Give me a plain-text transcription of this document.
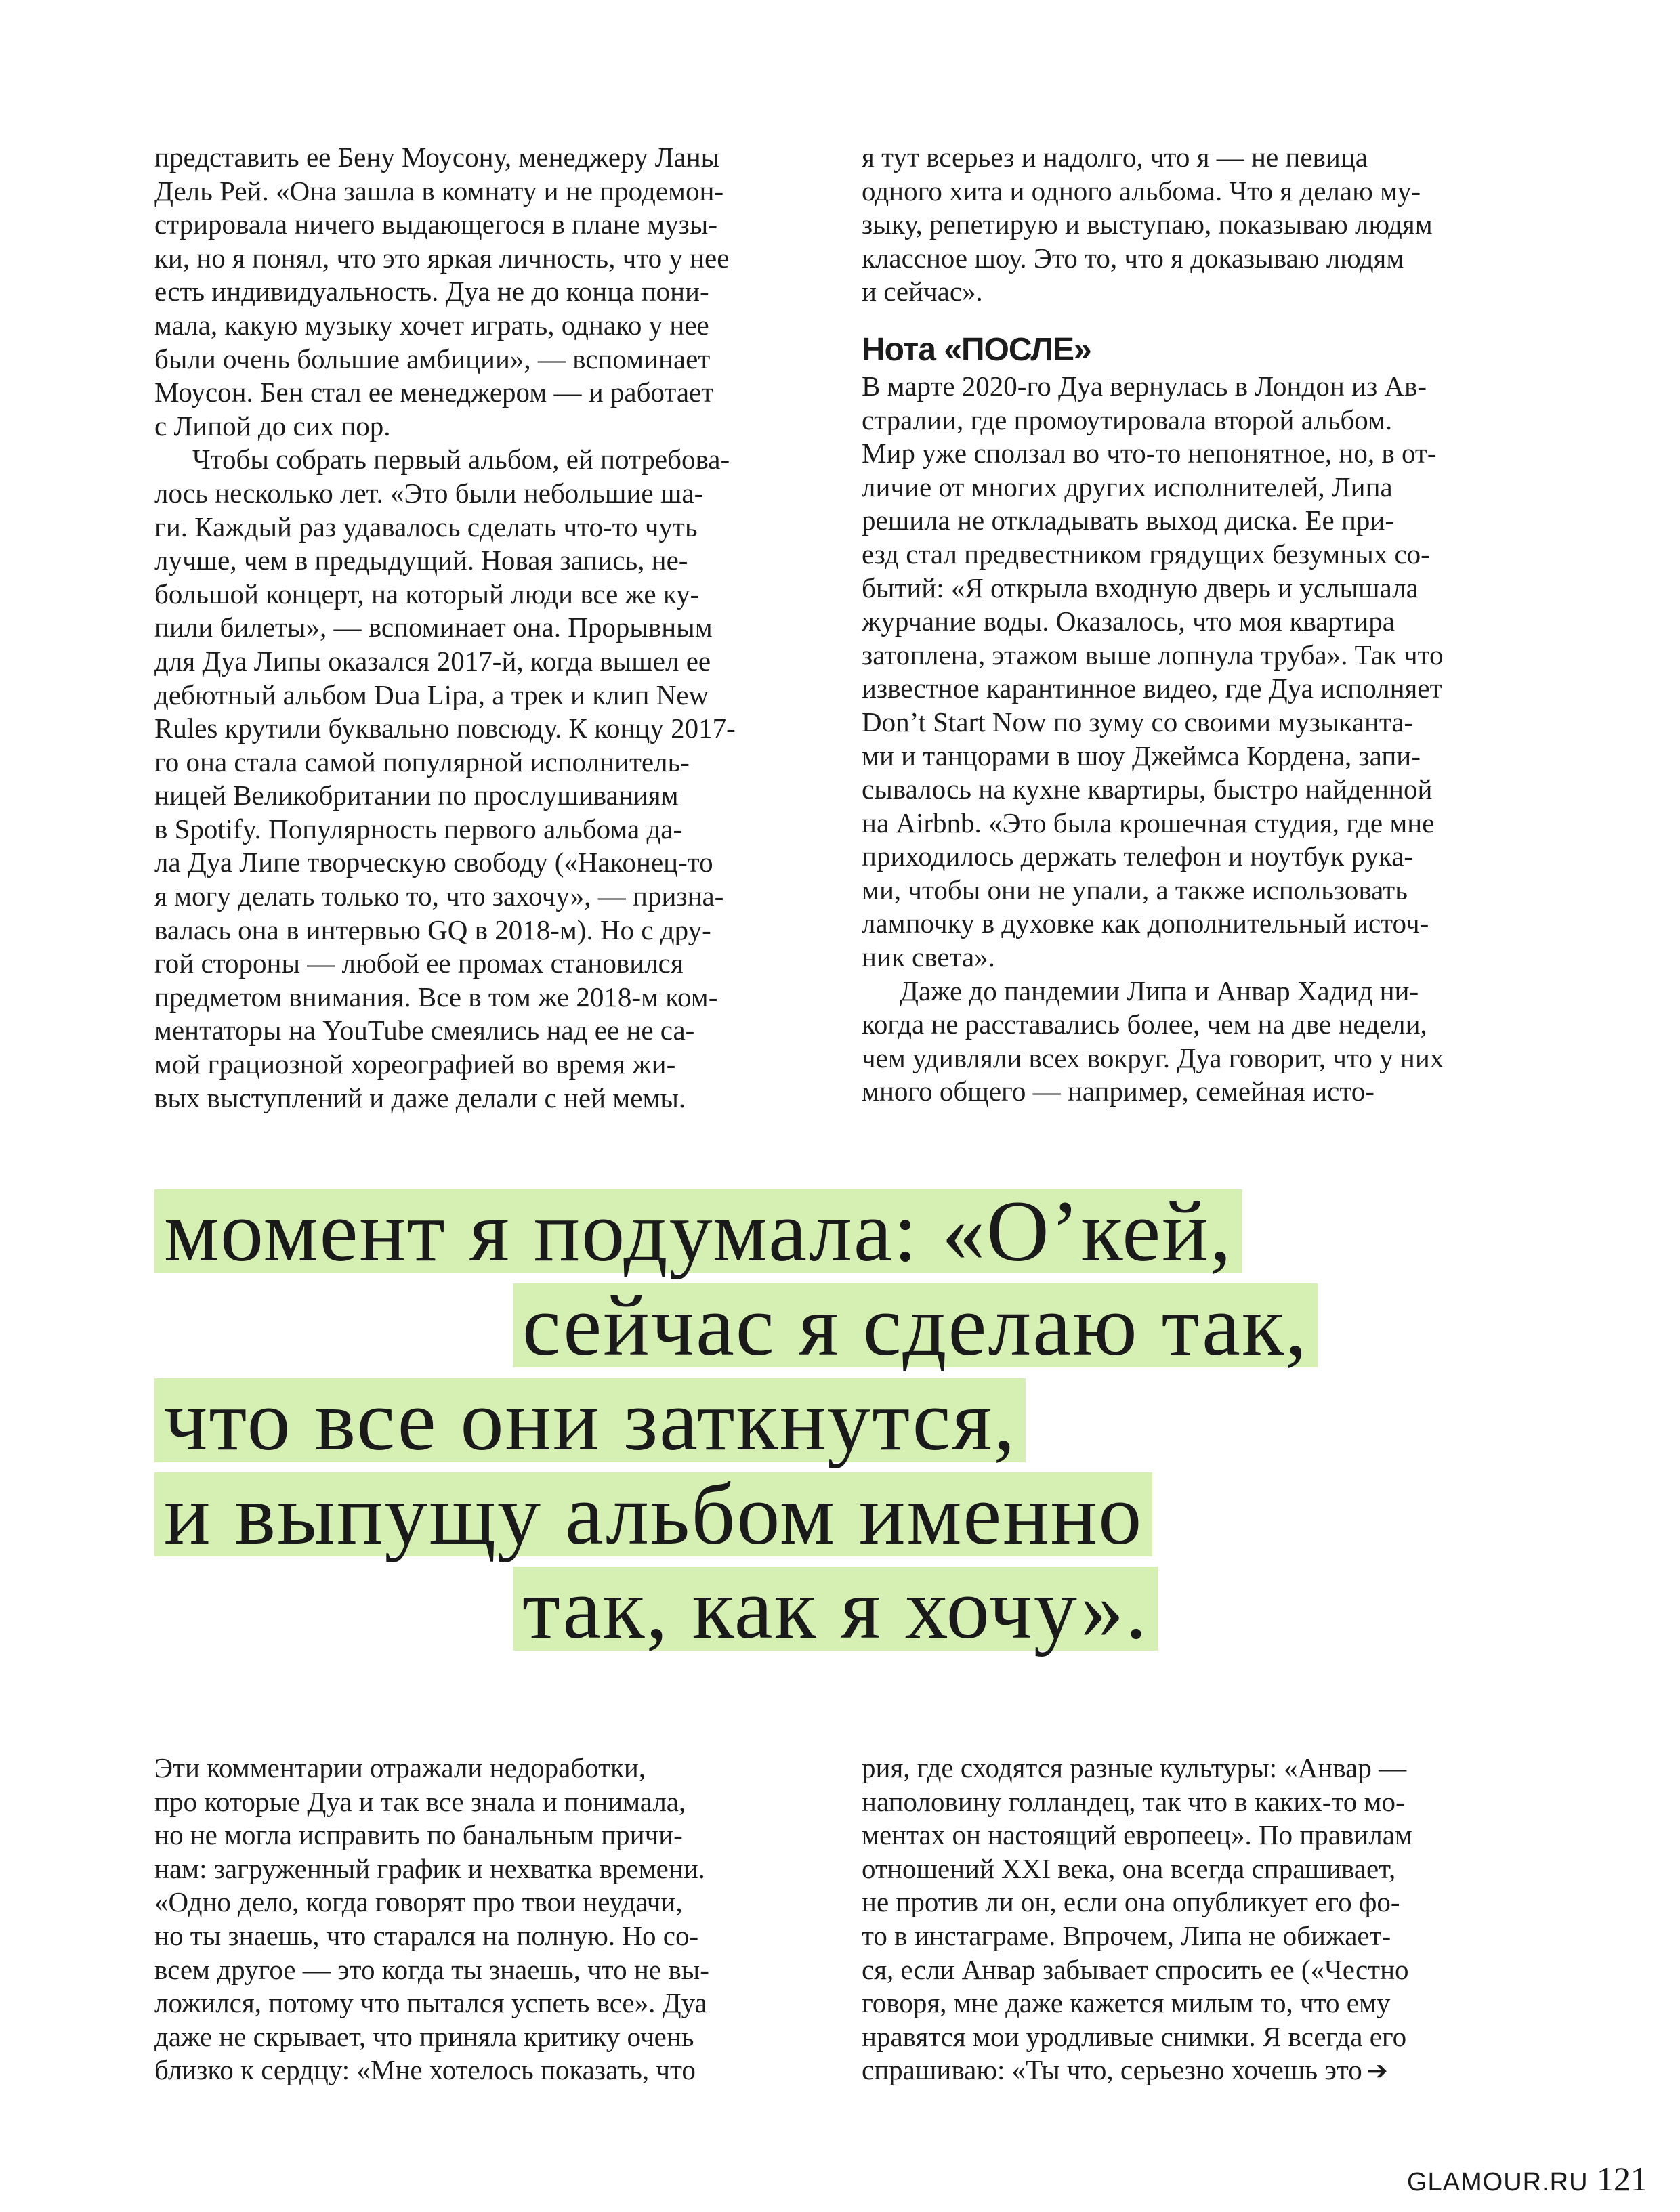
представить ее Бену Моусону, менеджеру Ланы
Дель Рей. «Она зашла в комнату и не продемон-
стрировала ничего выдающегося в плане музы-
ки, но я понял, что это яркая личность, что у нее
есть индивидуальность. Дуа не до конца пони-
мала, какую музыку хочет играть, однако у нее
были очень большие амбиции», — вспоминает
Моусон. Бен стал ее менеджером — и работает
с Липой до сих пор.
Чтобы собрать первый альбом, ей потребова-
лось несколько лет. «Это были небольшие ша-
ги. Каждый раз удавалось сделать что-то чуть
лучше, чем в предыдущий. Новая запись, не-
большой концерт, на который люди все же ку-
пили билеты», — вспоминает она. Прорывным
для Дуа Липы оказался 2017-й, когда вышел ее
дебютный альбом Dua Lipa, а трек и клип New
Rules крутили буквально повсюду. К концу 2017-
го она стала самой популярной исполнитель-
ницей Великобритании по прослушиваниям
в Spotify. Популярность первого альбома да-
ла Дуа Липе творческую свободу («Наконец-то
я могу делать только то, что захочу», — призна-
валась она в интервью GQ в 2018-м). Но с дру-
гой стороны — любой ее промах становился
предметом внимания. Все в том же 2018-м ком-
ментаторы на YouTube смеялись над ее не са-
мой грациозной хореографией во время жи-
вых выступлений и даже делали с ней мемы.
я тут всерьез и надолго, что я — не певица
одного хита и одного альбома. Что я делаю му-
зыку, репетирую и выступаю, показываю людям
классное шоу. Это то, что я доказываю людям
и сейчас».
Нота «ПОСЛЕ»
В марте 2020-го Дуа вернулась в Лондон из Ав-
стралии, где промоутировала второй альбом.
Мир уже сползал во что-то непонятное, но, в от-
личие от многих других исполнителей, Липа
решила не откладывать выход диска. Ее при-
езд стал предвестником грядущих безумных со-
бытий: «Я открыла входную дверь и услышала
журчание воды. Оказалось, что моя квартира
затоплена, этажом выше лопнула труба». Так что
известное карантинное видео, где Дуа исполняет
Don’t Start Now по зуму со своими музыканта-
ми и танцорами в шоу Джеймса Кордена, запи-
сывалось на кухне квартиры, быстро найденной
на Airbnb. «Это была крошечная студия, где мне
приходилось держать телефон и ноутбук рука-
ми, чтобы они не упали, а также использовать
лампочку в духовке как дополнительный источ-
ник света».
Даже до пандемии Липа и Анвар Хадид ни-
когда не расставались более, чем на две недели,
чем удивляли всех вокруг. Дуа говорит, что у них
много общего — например, семейная исто-
момент я подумала: «О’кей,
сейчас я сделаю так,
что все они заткнутся,
и выпущу альбом именно
так, как я хочу».
Эти комментарии отражали недоработки,
про которые Дуа и так все знала и понимала,
но не могла исправить по банальным причи-
нам: загруженный график и нехватка времени.
«Одно дело, когда говорят про твои неудачи,
но ты знаешь, что старался на полную. Но со-
всем другое — это когда ты знаешь, что не вы-
ложился, потому что пытался успеть все». Дуа
даже не скрывает, что приняла критику очень
близко к сердцу: «Мне хотелось показать, что
рия, где сходятся разные культуры: «Анвар —
наполовину голландец, так что в каких-то мо-
ментах он настоящий европеец». По правилам
отношений XXI века, она всегда спрашивает,
не против ли он, если она опубликует его фо-
то в инстаграме. Впрочем, Липа не обижает-
ся, если Анвар забывает спросить ее («Честно
говоря, мне даже кажется милым то, что ему
нравятся мои уродливые снимки. Я всегда его
спрашиваю: «Ты что, серьезно хочешь это ➔
GLAMOUR.RU 121
